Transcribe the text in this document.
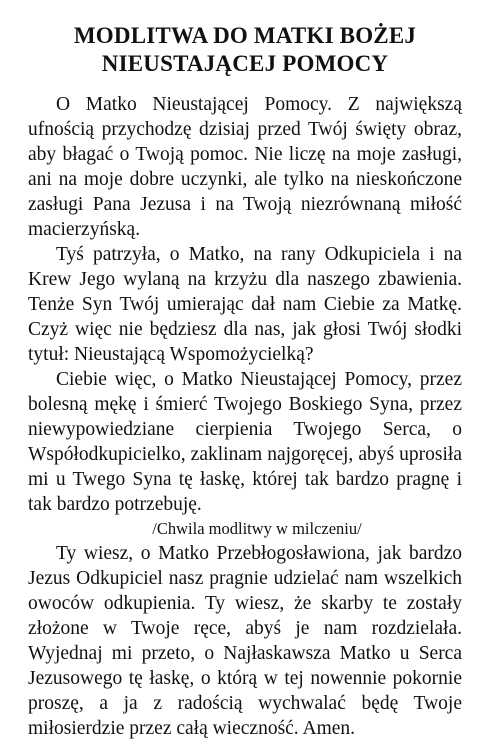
MODLITWA DO MATKI BOŻEJ
NIEUSTAJĄCEJ POMOCY

O Matko Nieustającej Pomocy. Z największą ufnością przychodzę dzisiaj przed Twój święty obraz, aby błagać o Twoją pomoc. Nie liczę na moje zasługi, ani na moje dobre uczynki, ale tylko na nieskończone zasługi Pana Jezusa i na Twoją niezrównaną miłość macierzyńską.

Tyś patrzyła, o Matko, na rany Odkupiciela i na Krew Jego wylaną na krzyżu dla naszego zbawienia. Tenże Syn Twój umierając dał nam Ciebie za Matkę. Czyż więc nie będziesz dla nas, jak głosi Twój słodki tytuł: Nieustającą Wspomożycielką?

Ciebie więc, o Matko Nieustającej Pomocy, przez bolesną mękę i śmierć Twojego Boskiego Syna, przez niewypowiedziane cierpienia Twojego Serca, o Współodkupicielko, zaklinam najgoręcej, abyś uprosiła mi u Twego Syna tę łaskę, której tak bardzo pragnę i tak bardzo potrzebuję.

/Chwila modlitwy w milczeniu/

Ty wiesz, o Matko Przebłogosławiona, jak bardzo Jezus Odkupiciel nasz pragnie udzielać nam wszelkich owoców odkupienia. Ty wiesz, że skarby te zostały złożone w Twoje ręce, abyś je nam rozdzielała. Wyjednaj mi przeto, o Najłaskawsza Matko u Serca Jezusowego tę łaskę, o którą w tej nowennie pokornie proszę, a ja z radością wychwalać będę Twoje miłosierdzie przez całą wieczność. Amen.
